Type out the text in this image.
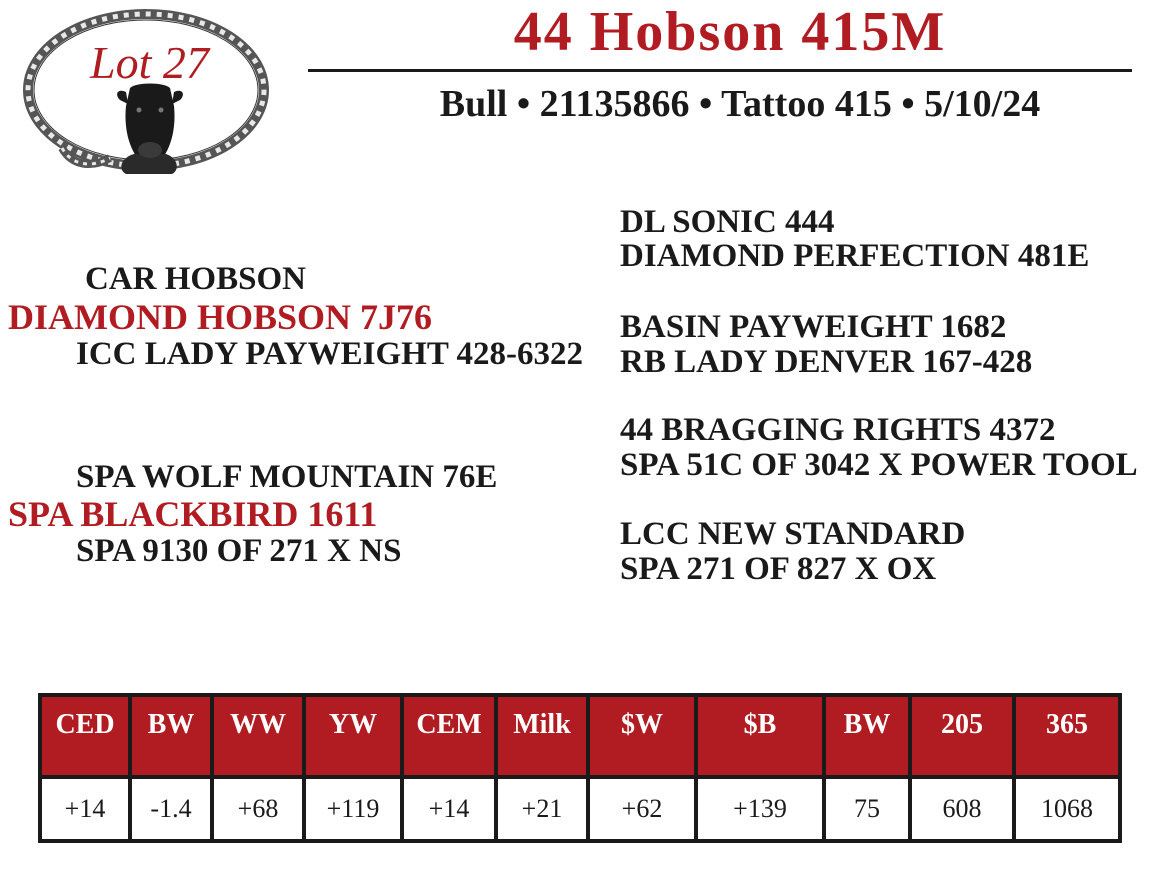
Lot 27	44 Hobson 415M
Bull • 21135866 • Tattoo 415 • 5/10/24
CAR HOBSON
DIAMOND HOBSON 7J76
ICC LADY PAYWEIGHT 428-6322
SPA WOLF MOUNTAIN 76E
SPA BLACKBIRD 1611
SPA 9130 OF 271 X NS
DL SONIC 444
DIAMOND PERFECTION 481E
BASIN PAYWEIGHT 1682
RB LADY DENVER 167-428
44 BRAGGING RIGHTS 4372
SPA 51C OF 3042 X POWER TOOL
LCC NEW STANDARD
SPA 271 OF 827 X OX
CED	BW	WW	YW	CEM	Milk	$W	$B	BW	205	365
+14	-1.4	+68	+119	+14	+21	+62	+139	75	608	1068
